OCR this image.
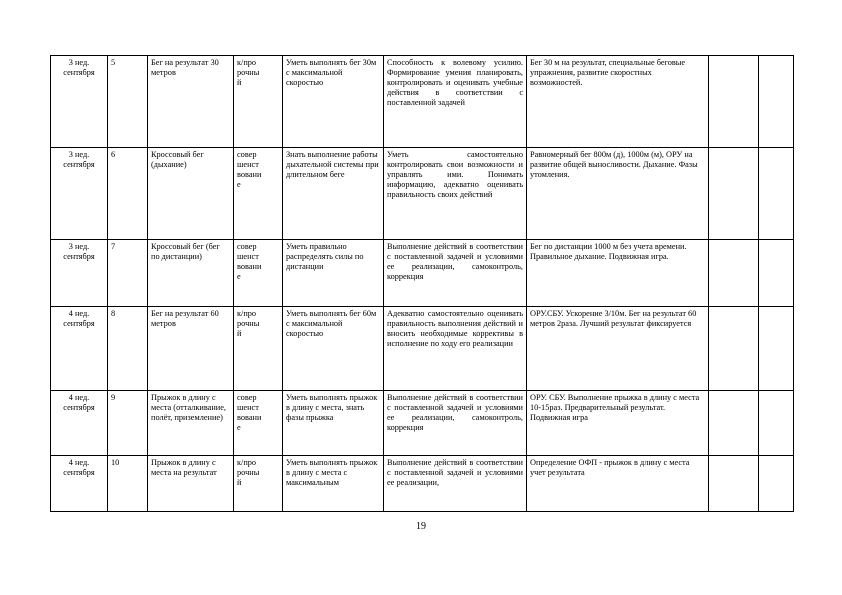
3 нед. сентября	5	Бег на результат 30 метров	к/про
рочны
й	Уметь выполнять бег 30м с максимальной скоростью	Способность к волевому усилию. Формирование умения планировать, контролировать и оценивать учебные действия в соответствии с поставленной задачей	Бег 30 м на результат, специальные беговые упражнения, развитие скоростных возможностей.		
3 нед. сентября	6	Кроссовый бег (дыхание)	совер
шенст
вовани
е	Знать выполнение работы дыхательной системы при длительном беге	Уметь самостоятельно контролировать свои возможности и управлять ими. Понимать информацию, адекватно оценивать правильность своих действий	Равномерный бег 800м (д), 1000м (м), ОРУ на развитие общей выносливости. Дыхание. Фазы утомления.		
3 нед. сентября	7	Кроссовый бег (бег по дистанции)	совер
шенст
вовани
е	Уметь правильно распределять силы по дистанции	Выполнение действий в соответствии с поставленной задачей и условиями ее реализации, самоконтроль, коррекция	Бег по дистанции 1000 м без учета времени. Правильное дыхание. Подвижная игра.		
4 нед. сентября	8	Бег на результат 60 метров	к/про
рочны
й	Уметь выполнять бег 60м с максимальной скоростью	Адекватно самостоятельно оценивать правильность выполнения действий и вносить необходимые коррективы в исполнение по ходу его реализации	ОРУ.СБУ. Ускорение 3/10м. Бег на результат 60 метров 2раза. Лучший результат фиксируется		
4 нед. сентября	9	Прыжок в длину с места (отталкивание, полёт, приземление)	совер
шенст
вовани
е	Уметь выполнять прыжок в длину с места, знать фазы прыжка	Выполнение действий в соответствии с поставленной задачей и условиями ее реализации, самоконтроль, коррекция	ОРУ. СБУ. Выполнение прыжка в длину с места 10-15раз. Предварительный результат. Подвижная игра		
4 нед. сентября	10	Прыжок в длину с места на результат	к/про
рочны
й	Уметь выполнять прыжок в длину с места с максимальным	Выполнение действий в соответствии с поставленной задачей и условиями ее реализации,	Определение ОФП - прыжок в длину с места учет результата		
19
